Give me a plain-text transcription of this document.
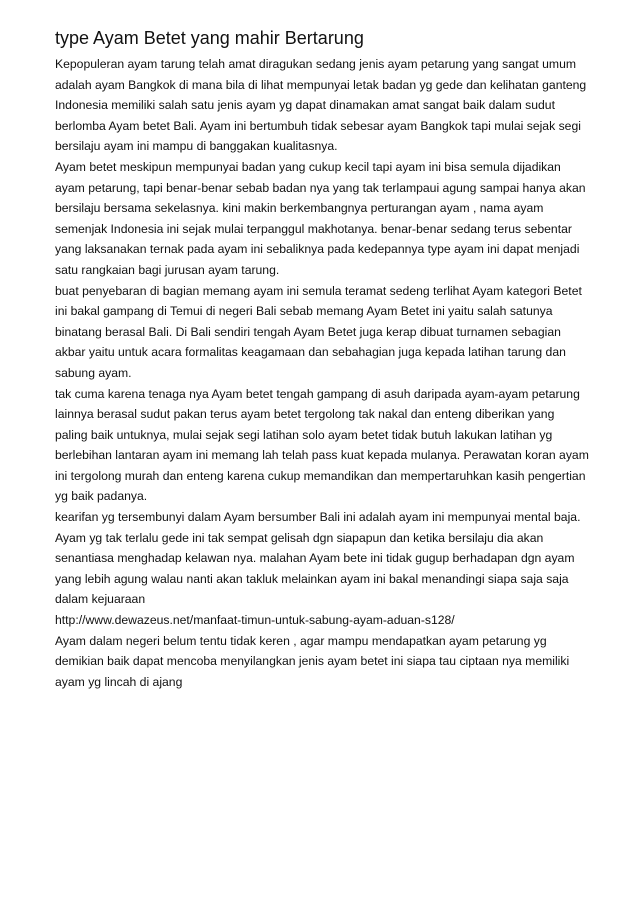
type Ayam Betet yang mahir Bertarung

Kepopuleran ayam tarung telah amat diragukan sedang jenis ayam petarung yang sangat umum adalah ayam Bangkok di mana bila di lihat mempunyai letak badan yg gede dan kelihatan ganteng Indonesia memiliki salah satu jenis ayam yg dapat dinamakan amat sangat baik dalam sudut berlomba Ayam betet Bali. Ayam ini bertumbuh tidak sebesar ayam Bangkok tapi mulai sejak segi bersilaju ayam ini mampu di banggakan kualitasnya.

Ayam betet meskipun mempunyai badan yang cukup kecil tapi ayam ini bisa semula dijadikan ayam petarung, tapi benar-benar sebab badan nya yang tak terlampaui agung sampai hanya akan bersilaju bersama sekelasnya. kini makin berkembangnya perturangan ayam , nama ayam semenjak Indonesia ini sejak mulai terpanggul makhotanya. benar-benar sedang terus sebentar yang laksanakan ternak pada ayam ini sebaliknya pada kedepannya type ayam ini dapat menjadi satu rangkaian bagi jurusan ayam tarung.

buat penyebaran di bagian memang ayam ini semula teramat sedeng terlihat Ayam kategori Betet ini bakal gampang di Temui di negeri Bali sebab memang Ayam Betet ini yaitu salah satunya binatang berasal Bali. Di Bali sendiri tengah Ayam Betet juga kerap dibuat turnamen sebagian akbar yaitu untuk acara formalitas keagamaan dan sebahagian juga kepada latihan tarung dan sabung ayam.

tak cuma karena tenaga nya Ayam betet tengah gampang di asuh daripada ayam-ayam petarung lainnya berasal sudut pakan terus ayam betet tergolong tak nakal dan enteng diberikan yang paling baik untuknya, mulai sejak segi latihan solo ayam betet tidak butuh lakukan latihan yg berlebihan lantaran ayam ini memang lah telah pass kuat kepada mulanya. Perawatan koran ayam ini tergolong murah dan enteng karena cukup memandikan dan mempertaruhkan kasih pengertian yg baik padanya.

kearifan yg tersembunyi dalam Ayam bersumber Bali ini adalah ayam ini mempunyai mental baja. Ayam yg tak terlalu gede ini tak sempat gelisah dgn siapapun dan ketika bersilaju dia akan senantiasa menghadap kelawan nya. malahan Ayam bete ini tidak gugup berhadapan dgn ayam yang lebih agung walau nanti akan takluk melainkan ayam ini bakal menandingi siapa saja saja dalam kejuaraan

http://www.dewazeus.net/manfaat-timun-untuk-sabung-ayam-aduan-s128/

Ayam dalam negeri belum tentu tidak keren , agar mampu mendapatkan ayam petarung yg demikian baik dapat mencoba menyilangkan jenis ayam betet ini siapa tau ciptaan nya memiliki ayam yg lincah di ajang
